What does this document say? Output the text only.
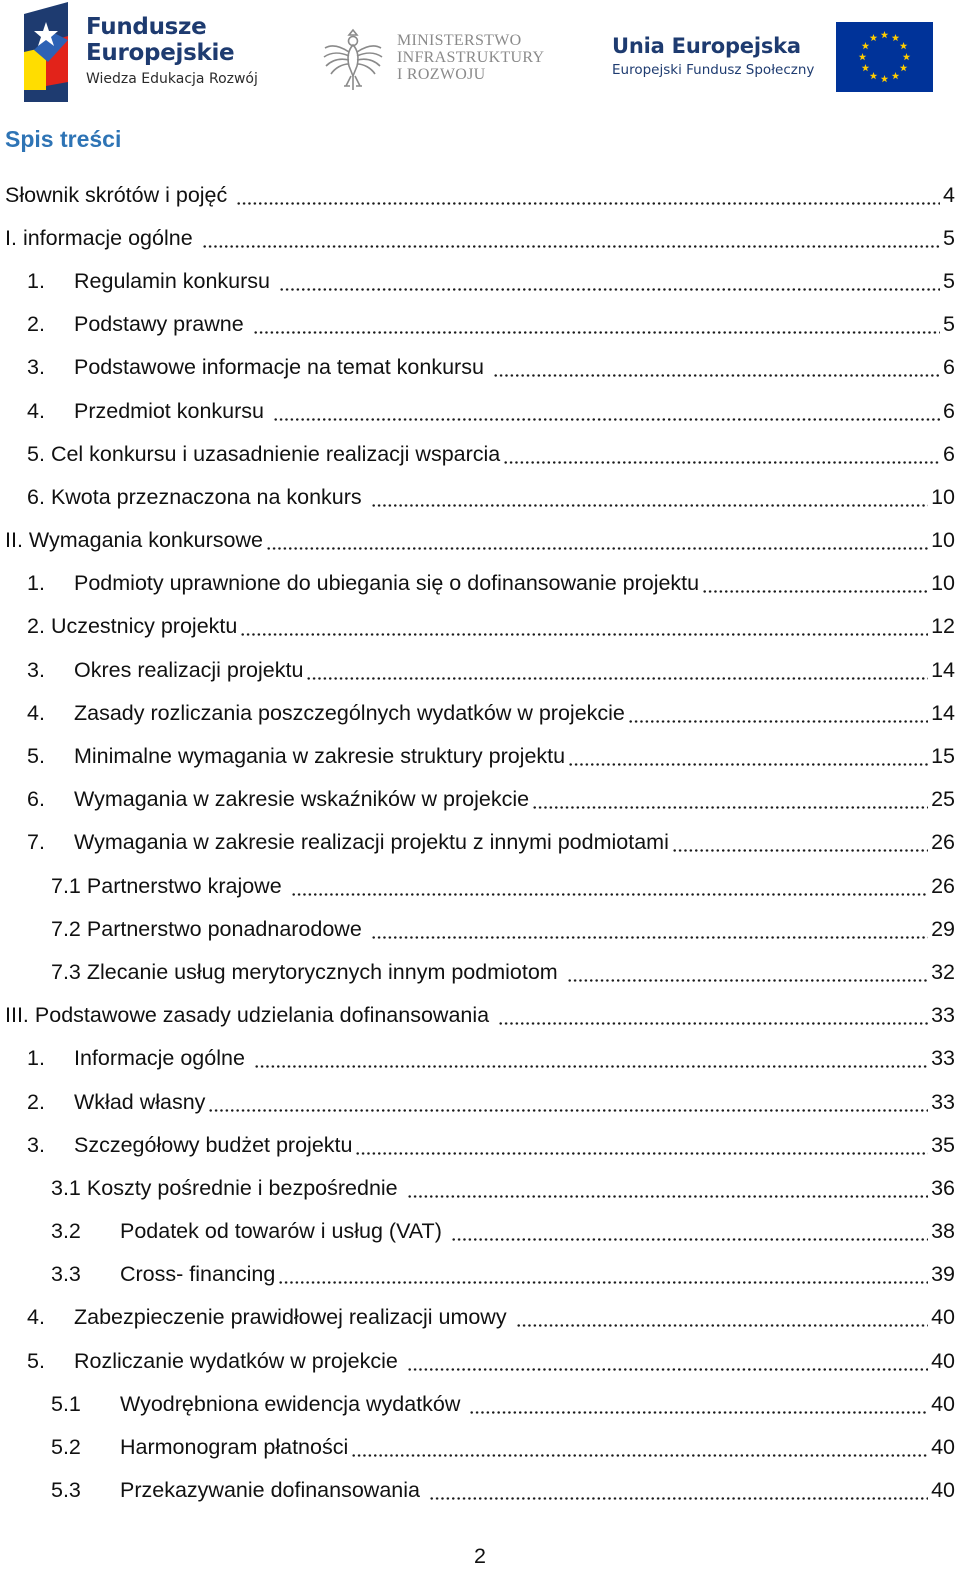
Fundusze
Europejskie
Wiedza Edukacja Rozwój
MINISTERSTWO
INFRASTRUKTURY
I ROZWOJU
Unia Europejska
Europejski Fundusz Społeczny
Spis treści
Słownik skrótów i pojęć	4
I. informacje ogólne	5
1.	Regulamin konkursu	5
2.	Podstawy prawne	5
3.	Podstawowe informacje na temat konkursu	6
4.	Przedmiot konkursu	6
5. Cel konkursu i uzasadnienie realizacji wsparcia	6
6. Kwota przeznaczona na konkurs	10
II. Wymagania konkursowe	10
1.	Podmioty uprawnione do ubiegania się o dofinansowanie projektu	10
2. Uczestnicy projektu	12
3.	Okres realizacji projektu	14
4.	Zasady rozliczania poszczególnych wydatków w projekcie	14
5.	Minimalne wymagania w zakresie struktury projektu	15
6.	Wymagania w zakresie wskaźników w projekcie	25
7.	Wymagania w zakresie realizacji projektu z innymi podmiotami	26
7.1 Partnerstwo krajowe	26
7.2 Partnerstwo ponadnarodowe	29
7.3 Zlecanie usług merytorycznych innym podmiotom	32
III. Podstawowe zasady udzielania dofinansowania	33
1.	Informacje ogólne	33
2.	Wkład własny	33
3.	Szczegółowy budżet projektu	35
3.1 Koszty pośrednie i bezpośrednie	36
3.2	Podatek od towarów i usług (VAT)	38
3.3	Cross- financing	39
4.	Zabezpieczenie prawidłowej realizacji umowy	40
5.	Rozliczanie wydatków w projekcie	40
5.1	Wyodrębniona ewidencja wydatków	40
5.2	Harmonogram płatności	40
5.3	Przekazywanie dofinansowania	40
2
